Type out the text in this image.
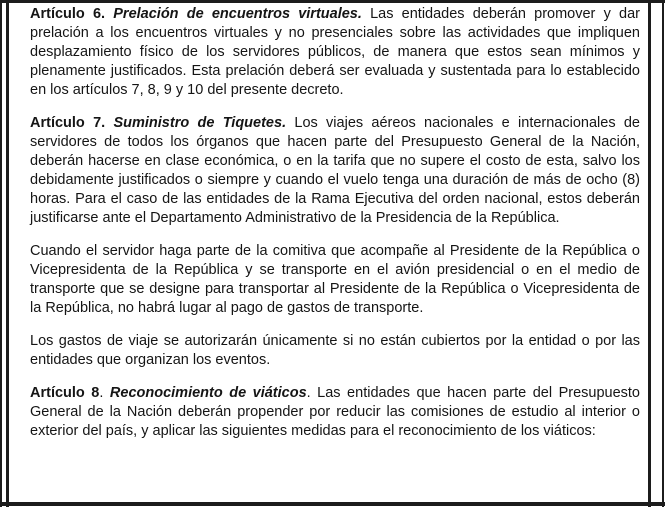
Artículo 6. Prelación de encuentros virtuales. Las entidades deberán promover y dar prelación a los encuentros virtuales y no presenciales sobre las actividades que impliquen desplazamiento físico de los servidores públicos, de manera que estos sean mínimos y plenamente justificados. Esta prelación deberá ser evaluada y sustentada para lo establecido en los artículos 7, 8, 9 y 10 del presente decreto.

Artículo 7. Suministro de Tiquetes. Los viajes aéreos nacionales e internacionales de servidores de todos los órganos que hacen parte del Presupuesto General de la Nación, deberán hacerse en clase económica, o en la tarifa que no supere el costo de esta, salvo los debidamente justificados o siempre y cuando el vuelo tenga una duración de más de ocho (8) horas. Para el caso de las entidades de la Rama Ejecutiva del orden nacional, estos deberán justificarse ante el Departamento Administrativo de la Presidencia de la República.

Cuando el servidor haga parte de la comitiva que acompañe al Presidente de la República o Vicepresidenta de la República y se transporte en el avión presidencial o en el medio de transporte que se designe para transportar al Presidente de la República o Vicepresidenta de la República, no habrá lugar al pago de gastos de transporte.

Los gastos de viaje se autorizarán únicamente si no están cubiertos por la entidad o por las entidades que organizan los eventos.

Artículo 8. Reconocimiento de viáticos. Las entidades que hacen parte del Presupuesto General de la Nación deberán propender por reducir las comisiones de estudio al interior o exterior del país, y aplicar las siguientes medidas para el reconocimiento de los viáticos:
